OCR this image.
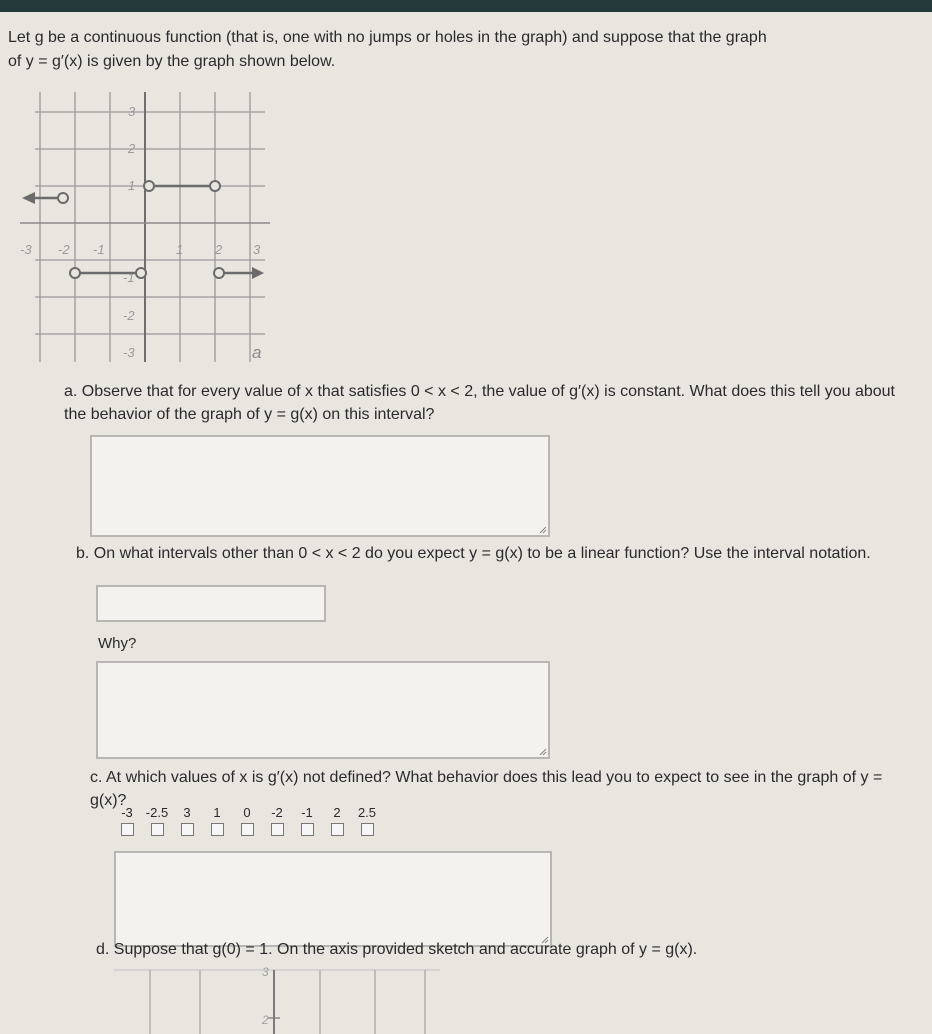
Let g be a continuous function (that is, one with no jumps or holes in the graph) and suppose that the graph
of y = g′(x) is given by the graph shown below.
3
2
1
-1
-2
-3
-3 -2 -1	1 2 3
a
a. Observe that for every value of x that satisfies 0 < x < 2, the value of g′(x) is constant. What does this tell you about the behavior of the graph of y = g(x) on this interval?
b. On what intervals other than 0 < x < 2 do you expect y = g(x) to be a linear function? Use the interval notation.
Why?
c. At which values of x is g′(x) not defined? What behavior does this lead you to expect to see in the graph of y = g(x)?
-3	-2.5	3	1	0	-2	-1	2	2.5
d. Suppose that g(0) = 1. On the axis provided sketch and accurate graph of y = g(x).
3
2
